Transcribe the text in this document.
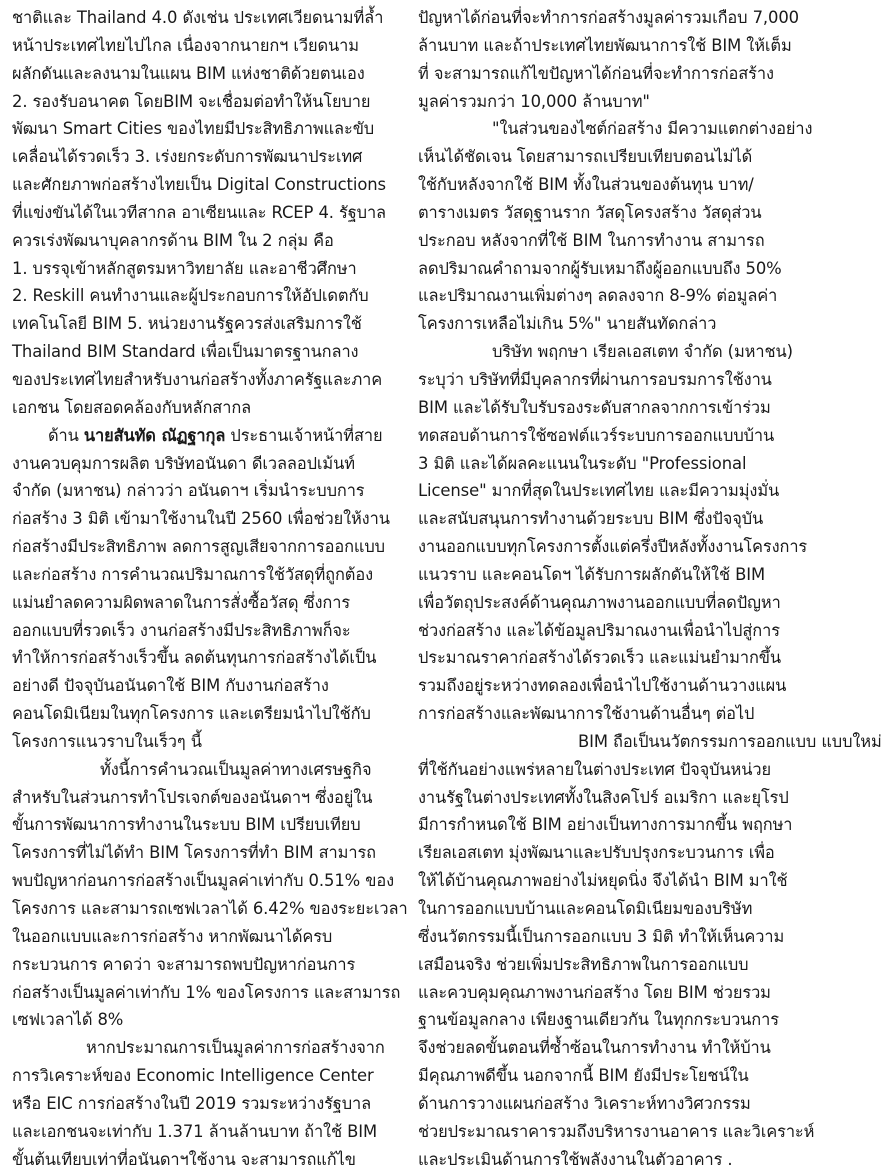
ชาติและ Thailand 4.0 ดังเช่น ประเทศเวียดนามที่ล้ำ
หน้าประเทศไทยไปไกล เนื่องจากนายกฯ เวียดนาม
ผลักดันและลงนามในแผน BIM แห่งชาติด้วยตนเอง
2. รองรับอนาคต โดยBIM จะเชื่อมต่อทำให้นโยบาย
พัฒนา Smart Cities ของไทยมีประสิทธิภาพและขับ
เคลื่อนได้รวดเร็ว 3. เร่งยกระดับการพัฒนาประเทศ
และศักยภาพก่อสร้างไทยเป็น Digital Constructions
ที่แข่งขันได้ในเวทีสากล อาเซียนและ RCEP 4. รัฐบาล
ควรเร่งพัฒนาบุคลากรด้าน BIM ใน 2 กลุ่ม คือ
1. บรรจุเข้าหลักสูตรมหาวิทยาลัย และอาชีวศึกษา
2. Reskill คนทำงานและผู้ประกอบการให้อัปเดตกับ
เทคโนโลยี BIM 5. หน่วยงานรัฐควรส่งเสริมการใช้
Thailand BIM Standard เพื่อเป็นมาตรฐานกลาง
ของประเทศไทยสำหรับงานก่อสร้างทั้งภาครัฐและภาค
เอกชน โดยสอดคล้องกับหลักสากล
ด้าน นายสันทัด ณัฏฐากุล ประธานเจ้าหน้าที่สาย
งานควบคุมการผลิต บริษัทอนันดา ดีเวลลอปเม้นท์
จำกัด (มหาชน) กล่าวว่า อนันดาฯ เริ่มนำระบบการ
ก่อสร้าง 3 มิติ เข้ามาใช้งานในปี 2560 เพื่อช่วยให้งาน
ก่อสร้างมีประสิทธิภาพ ลดการสูญเสียจากการออกแบบ
และก่อสร้าง การคำนวณปริมาณการใช้วัสดุที่ถูกต้อง
แม่นยำลดความผิดพลาดในการสั่งซื้อวัสดุ ซึ่งการ
ออกแบบที่รวดเร็ว งานก่อสร้างมีประสิทธิภาพก็จะ
ทำให้การก่อสร้างเร็วขึ้น ลดต้นทุนการก่อสร้างได้เป็น
อย่างดี ปัจจุบันอนันดาใช้ BIM กับงานก่อสร้าง
คอนโดมิเนียมในทุกโครงการ และเตรียมนำไปใช้กับ
โครงการแนวราบในเร็วๆ นี้
ทั้งนี้การคำนวณเป็นมูลค่าทางเศรษฐกิจ
สำหรับในส่วนการทำโปรเจกต์ของอนันดาฯ ซึ่งอยู่ใน
ขั้นการพัฒนาการทำงานในระบบ BIM เปรียบเทียบ
โครงการที่ไม่ได้ทำ BIM โครงการที่ทำ BIM สามารถ
พบปัญหาก่อนการก่อสร้างเป็นมูลค่าเท่ากับ 0.51% ของ
โครงการ และสามารถเซฟเวลาได้ 6.42% ของระยะเวลา
ในออกแบบและการก่อสร้าง หากพัฒนาได้ครบ
กระบวนการ คาดว่า จะสามารถพบปัญหาก่อนการ
ก่อสร้างเป็นมูลค่าเท่ากับ 1% ของโครงการ และสามารถ
เซฟเวลาได้ 8%
หากประมาณการเป็นมูลค่าการก่อสร้างจาก
การวิเคราะห์ของ Economic Intelligence Center
หรือ EIC การก่อสร้างในปี 2019 รวมระหว่างรัฐบาล
และเอกชนจะเท่ากับ 1.371 ล้านล้านบาท ถ้าใช้ BIM
ขั้นต้นเทียบเท่าที่อนันดาฯใช้งาน จะสามารถแก้ไข
ปัญหาได้ก่อนที่จะทำการก่อสร้างมูลค่ารวมเกือบ 7,000
ล้านบาท และถ้าประเทศไทยพัฒนาการใช้ BIM ให้เต็ม
ที่ จะสามารถแก้ไขปัญหาได้ก่อนที่จะทำการก่อสร้าง
มูลค่ารวมกว่า 10,000 ล้านบาท"
"ในส่วนของไซต์ก่อสร้าง มีความแตกต่างอย่าง
เห็นได้ชัดเจน โดยสามารถเปรียบเทียบตอนไม่ได้
ใช้กับหลังจากใช้ BIM ทั้งในส่วนของต้นทุน บาท/
ตารางเมตร วัสดุฐานราก วัสดุโครงสร้าง วัสดุส่วน
ประกอบ หลังจากที่ใช้ BIM ในการทำงาน สามารถ
ลดปริมาณคำถามจากผู้รับเหมาถึงผู้ออกแบบถึง 50%
และปริมาณงานเพิ่มต่างๆ ลดลงจาก 8-9% ต่อมูลค่า
โครงการเหลือไม่เกิน 5%" นายสันทัดกล่าว
บริษัท พฤกษา เรียลเอสเตท จำกัด (มหาชน)
ระบุว่า บริษัทที่มีบุคลากรที่ผ่านการอบรมการใช้งาน
BIM และได้รับใบรับรองระดับสากลจากการเข้าร่วม
ทดสอบด้านการใช้ซอฟต์แวร์ระบบการออกแบบบ้าน
3 มิติ และได้ผลคะแนนในระดับ "Professional
License" มากที่สุดในประเทศไทย และมีความมุ่งมั่น
และสนับสนุนการทำงานด้วยระบบ BIM ซึ่งปัจจุบัน
งานออกแบบทุกโครงการตั้งแต่ครึ่งปีหลังทั้งงานโครงการ
แนวราบ และคอนโดฯ ได้รับการผลักดันให้ใช้ BIM
เพื่อวัตถุประสงค์ด้านคุณภาพงานออกแบบที่ลดปัญหา
ช่วงก่อสร้าง และได้ข้อมูลปริมาณงานเพื่อนำไปสู่การ
ประมาณราคาก่อสร้างได้รวดเร็ว และแม่นยำมากขึ้น
รวมถึงอยู่ระหว่างทดลองเพื่อนำไปใช้งานด้านวางแผน
การก่อสร้างและพัฒนาการใช้งานด้านอื่นๆ ต่อไป
BIM ถือเป็นนวัตกรรมการออกแบบ แบบใหม่
ที่ใช้กันอย่างแพร่หลายในต่างประเทศ ปัจจุบันหน่วย
งานรัฐในต่างประเทศทั้งในสิงคโปร์ อเมริกา และยุโรป
มีการกำหนดใช้ BIM อย่างเป็นทางการมากขึ้น พฤกษา
เรียลเอสเตท มุ่งพัฒนาและปรับปรุงกระบวนการ เพื่อ
ให้ได้บ้านคุณภาพอย่างไม่หยุดนิ่ง จึงได้นำ BIM มาใช้
ในการออกแบบบ้านและคอนโดมิเนียมของบริษัท
ซึ่งนวัตกรรมนี้เป็นการออกแบบ 3 มิติ ทำให้เห็นความ
เสมือนจริง ช่วยเพิ่มประสิทธิภาพในการออกแบบ
และควบคุมคุณภาพงานก่อสร้าง โดย BIM ช่วยรวม
ฐานข้อมูลกลาง เพียงฐานเดียวกัน ในทุกกระบวนการ
จึงช่วยลดขั้นตอนที่ซ้ำซ้อนในการทำงาน ทำให้บ้าน
มีคุณภาพดีขึ้น นอกจากนี้ BIM ยังมีประโยชน์ใน
ด้านการวางแผนก่อสร้าง วิเคราะห์ทางวิศวกรรม
ช่วยประมาณราคารวมถึงบริหารงานอาคาร และวิเคราะห์
และประเมินด้านการใช้พลังงานในตัวอาคาร .
